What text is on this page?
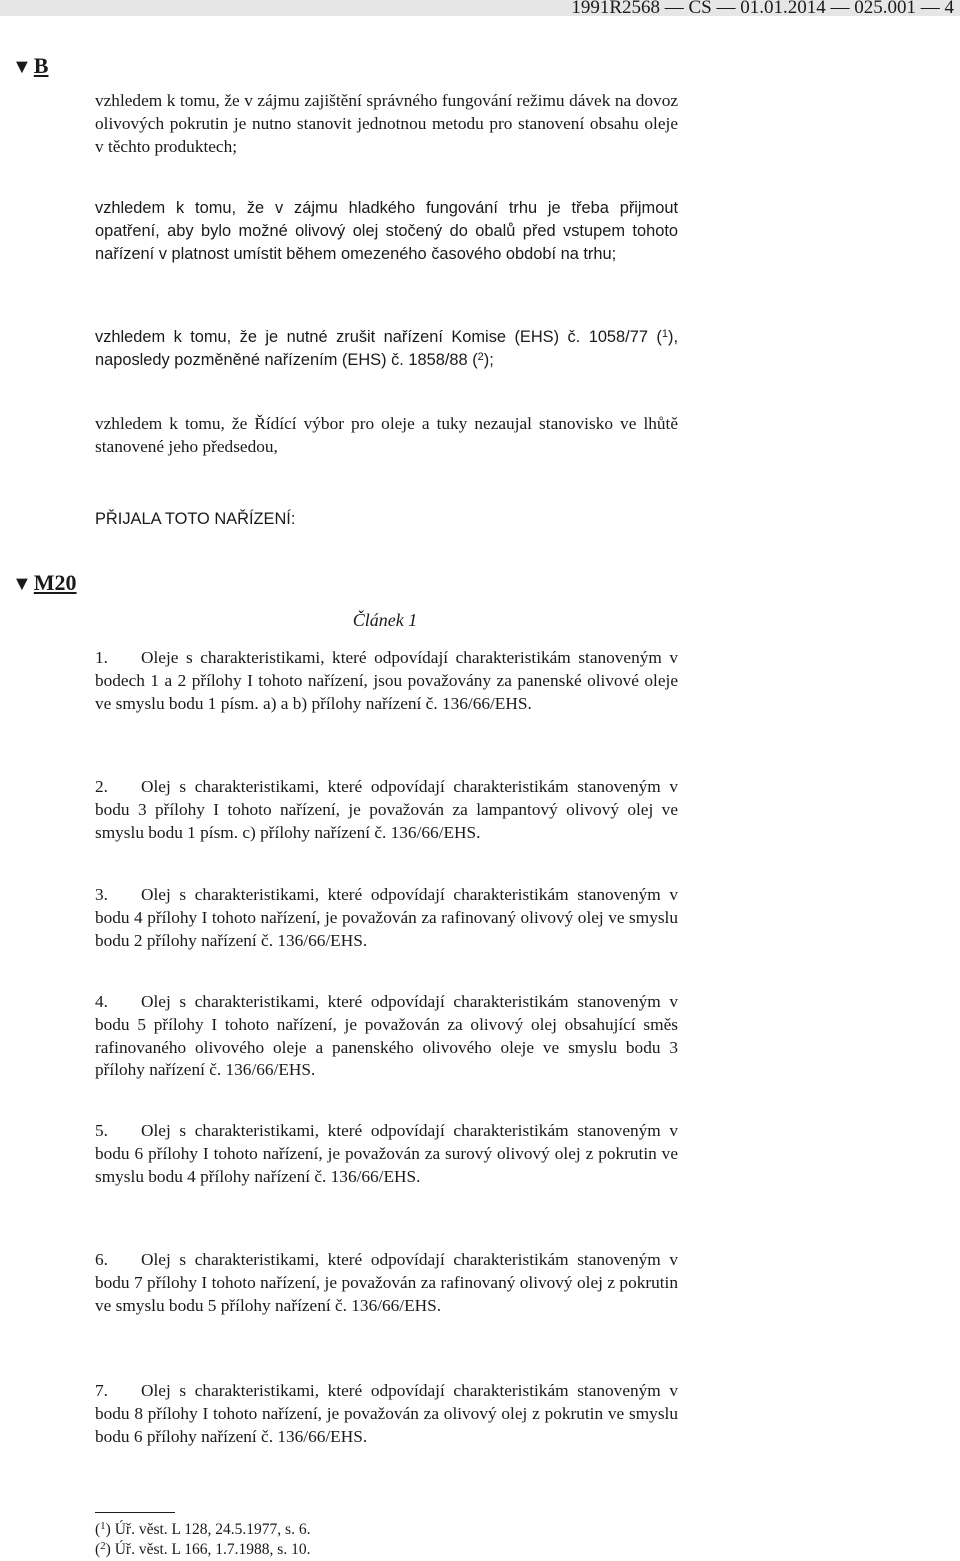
1991R2568 — CS — 01.01.2014 — 025.001 — 4
▼B

vzhledem k tomu, že v zájmu zajištění správného fungování režimu dávek na dovoz olivových pokrutin je nutno stanovit jednotnou metodu pro stanovení obsahu oleje v těchto produktech;

vzhledem k tomu, že v zájmu hladkého fungování trhu je třeba přijmout opatření, aby bylo možné olivový olej stočený do obalů před vstupem tohoto nařízení v platnost umístit během omezeného časového období na trhu;

vzhledem k tomu, že je nutné zrušit nařízení Komise (EHS) č. 1058/77 ($^1$), naposledy pozměněné nařízením (EHS) č. 1858/88 ($^2$);

vzhledem k tomu, že Řídící výbor pro oleje a tuky nezaujal stanovisko ve lhůtě stanovené jeho předsedou,

PŘIJALA TOTO NAŘÍZENÍ:

▼M20

Článek 1

1. Oleje s charakteristikami, které odpovídají charakteristikám stanoveným v bodech 1 a 2 přílohy I tohoto nařízení, jsou považovány za panenské olivové oleje ve smyslu bodu 1 písm. a) a b) přílohy nařízení č. 136/66/EHS.

2. Olej s charakteristikami, které odpovídají charakteristikám stanoveným v bodu 3 přílohy I tohoto nařízení, je považován za lampantový olivový olej ve smyslu bodu 1 písm. c) přílohy nařízení č. 136/66/EHS.

3. Olej s charakteristikami, které odpovídají charakteristikám stanoveným v bodu 4 přílohy I tohoto nařízení, je považován za rafinovaný olivový olej ve smyslu bodu 2 přílohy nařízení č. 136/66/EHS.

4. Olej s charakteristikami, které odpovídají charakteristikám stanoveným v bodu 5 přílohy I tohoto nařízení, je považován za olivový olej obsahující směs rafinovaného olivového oleje a panenského olivového oleje ve smyslu bodu 3 přílohy nařízení č. 136/66/EHS.

5. Olej s charakteristikami, které odpovídají charakteristikám stanoveným v bodu 6 přílohy I tohoto nařízení, je považován za surový olivový olej z pokrutin ve smyslu bodu 4 přílohy nařízení č. 136/66/EHS.

6. Olej s charakteristikami, které odpovídají charakteristikám stanoveným v bodu 7 přílohy I tohoto nařízení, je považován za rafinovaný olivový olej z pokrutin ve smyslu bodu 5 přílohy nařízení č. 136/66/EHS.

7. Olej s charakteristikami, které odpovídají charakteristikám stanoveným v bodu 8 přílohy I tohoto nařízení, je považován za olivový olej z pokrutin ve smyslu bodu 6 přílohy nařízení č. 136/66/EHS.

($^1$) Úř. věst. L 128, 24.5.1977, s. 6.

($^2$) Úř. věst. L 166, 1.7.1988, s. 10.
